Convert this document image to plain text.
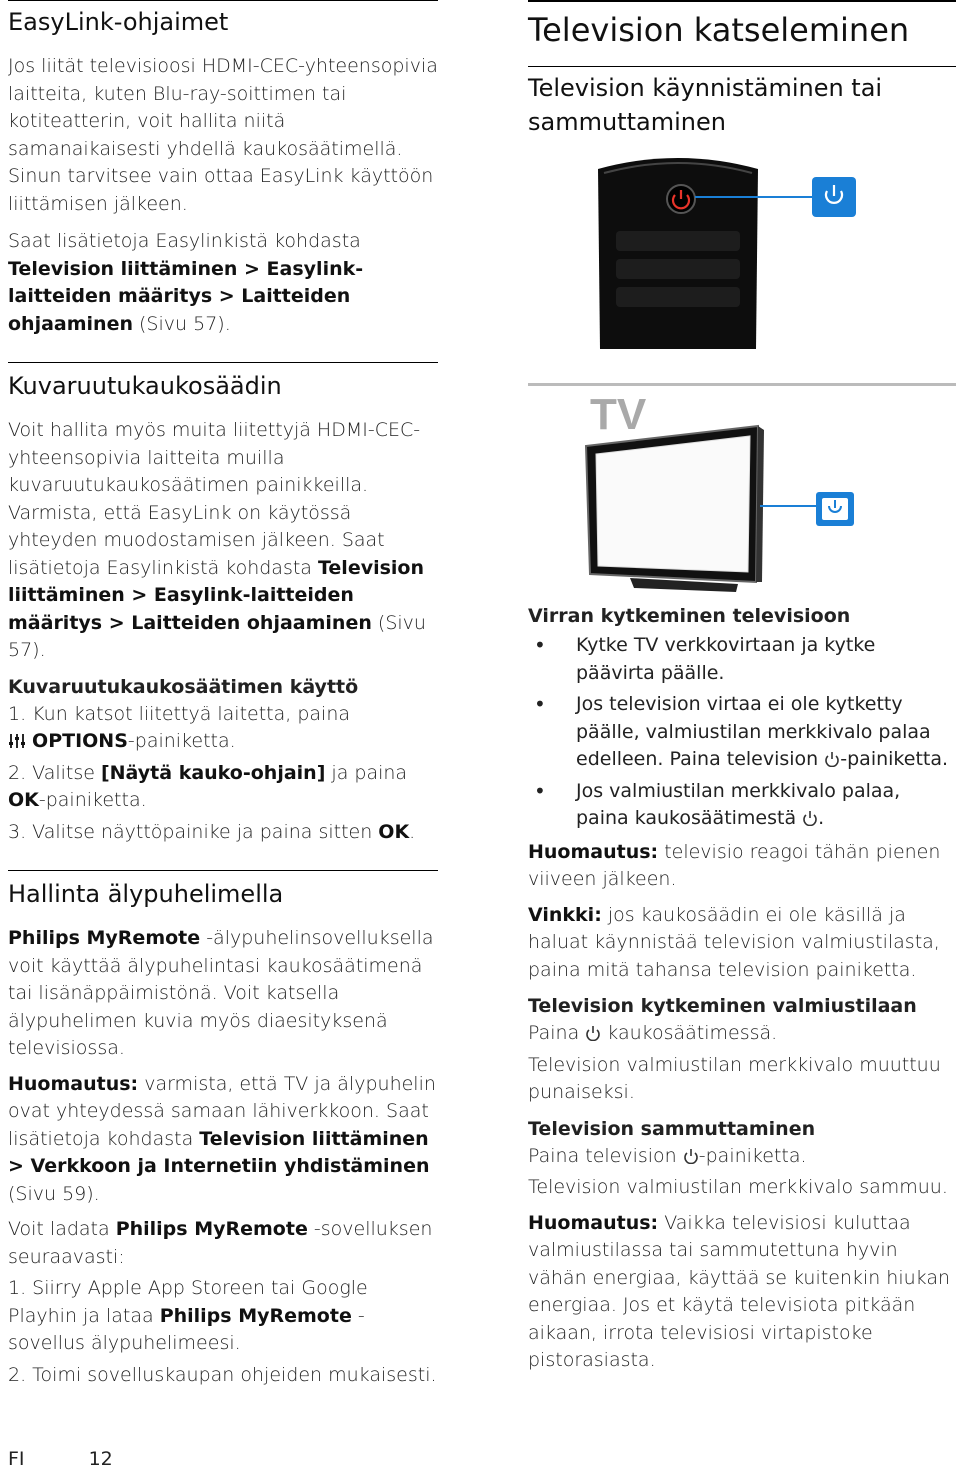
EasyLink-ohjaimet

Jos liität televisioosi HDMI-CEC-yhteensopivia laitteita, kuten Blu-ray-soittimen tai kotiteatterin, voit hallita niitä samanaikaisesti yhdellä kaukosäätimellä. Sinun tarvitsee vain ottaa EasyLink käyttöön liittämisen jälkeen.

Saat lisätietoja Easylinkistä kohdasta Television liittäminen > Easylink-laitteiden määritys > Laitteiden ohjaaminen (Sivu 57).

Kuvaruutukaukosäädin

Voit hallita myös muita liitettyjä HDMI-CEC-yhteensopivia laitteita muilla kuvaruutukaukosäätimen painikkeilla. Varmista, että EasyLink on käytössä yhteyden muodostamisen jälkeen. Saat lisätietoja Easylinkistä kohdasta Television liittäminen > Easylink-laitteiden määritys > Laitteiden ohjaaminen (Sivu 57).

Kuvaruutukaukosäätimen käyttö

1. Kun katsot liitettyä laitetta, paina
OPTIONS-painiketta.

2. Valitse [Näytä kauko-ohjain] ja paina OK-painiketta.

3. Valitse näyttöpainike ja paina sitten OK.

Hallinta älypuhelimella

Philips MyRemote -älypuhelinsovelluksella voit käyttää älypuhelintasi kaukosäätimenä tai lisänäppäimistönä. Voit katsella älypuhelimen kuvia myös diaesityksenä televisiossa.

Huomautus: varmista, että TV ja älypuhelin ovat yhteydessä samaan lähiverkkoon. Saat lisätietoja kohdasta Television liittäminen > Verkkoon ja Internetiin yhdistäminen (Sivu 59).

Voit ladata Philips MyRemote -sovelluksen seuraavasti:

1. Siirry Apple App Storeen tai Google Playhin ja lataa Philips MyRemote -sovellus älypuhelimeesi.

2. Toimi sovelluskaupan ohjeiden mukaisesti.

Television katseleminen
Television käynnistäminen tai sammuttaminen
TV
Virran kytkeminen televisioon
• Kytke TV verkkovirtaan ja kytke päävirta päälle.
• Jos television virtaa ei ole kytketty päälle, valmiustilan merkkivalo palaa edelleen. Paina television -painiketta.
• Jos valmiustilan merkkivalo palaa, paina kaukosäätimestä .

Huomautus: televisio reagoi tähän pienen viiveen jälkeen.

Vinkki: jos kaukosäädin ei ole käsillä ja haluat käynnistää television valmiustilasta, paina mitä tahansa television painiketta.

Television kytkeminen valmiustilaan

Paina  kaukosäätimessä.

Television valmiustilan merkkivalo muuttuu punaiseksi.

Television sammuttaminen

Paina television -painiketta.

Television valmiustilan merkkivalo sammuu.

Huomautus: Vaikka televisiosi kuluttaa valmiustilassa tai sammutettuna hyvin vähän energiaa, käyttää se kuitenkin hiukan energiaa. Jos et käytä televisiota pitkään aikaan, irrota televisiosi virtapistoke pistorasiasta.

FI	12
